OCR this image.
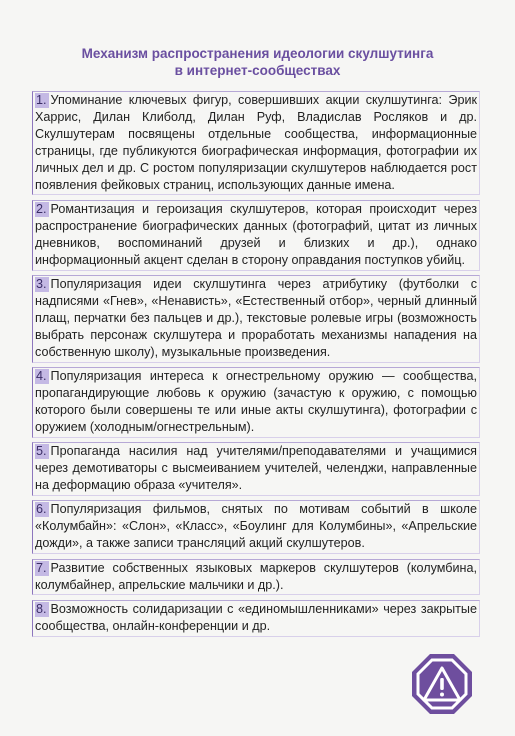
Механизм распространения идеологии скулшутинга
в интернет-сообществах
1. Упоминание ключевых фигур, совершивших акции скулшутинга: Эрик Харрис, Дилан Клиболд, Дилан Руф, Владислав Росляков и др. Скулшутерам посвящены отдельные сообщества, информационные страницы, где публикуются биографическая информация, фотографии их личных дел и др. С ростом популяризации скулшутеров наблюдается рост появления фейковых страниц, использующих данные имена.
2. Романтизация и героизация скулшутеров, которая происходит через распространение биографических данных (фотографий, цитат из личных дневников, воспоминаний друзей и близких и др.), однако информационный акцент сделан в сторону оправдания поступков убийц.
3. Популяризация идеи скулшутинга через атрибутику (футболки с надписями «Гнев», «Ненависть», «Естественный отбор», черный длинный плащ, перчатки без пальцев и др.), текстовые ролевые игры (возможность выбрать персонаж скулшутера и проработать механизмы нападения на собственную школу), музыкальные произведения.
4. Популяризация интереса к огнестрельному оружию — сообщества, пропагандирующие любовь к оружию (зачастую к оружию, с помощью которого были совершены те или иные акты скулшутинга), фотографии с оружием (холодным/огнестрельным).
5. Пропаганда насилия над учителями/преподавателями и учащимися через демотиваторы с высмеиванием учителей, челенджи, направленные на деформацию образа «учителя».
6. Популяризация фильмов, снятых по мотивам событий в школе «Колумбайн»: «Слон», «Класс», «Боулинг для Колумбины», «Апрельские дожди», а также записи трансляций акций скулшутеров.
7. Развитие собственных языковых маркеров скулшутеров (колумбина, колумбайнер, апрельские мальчики и др.).
8. Возможность солидаризации с «единомышленниками» через закрытые сообщества, онлайн-конференции и др.
